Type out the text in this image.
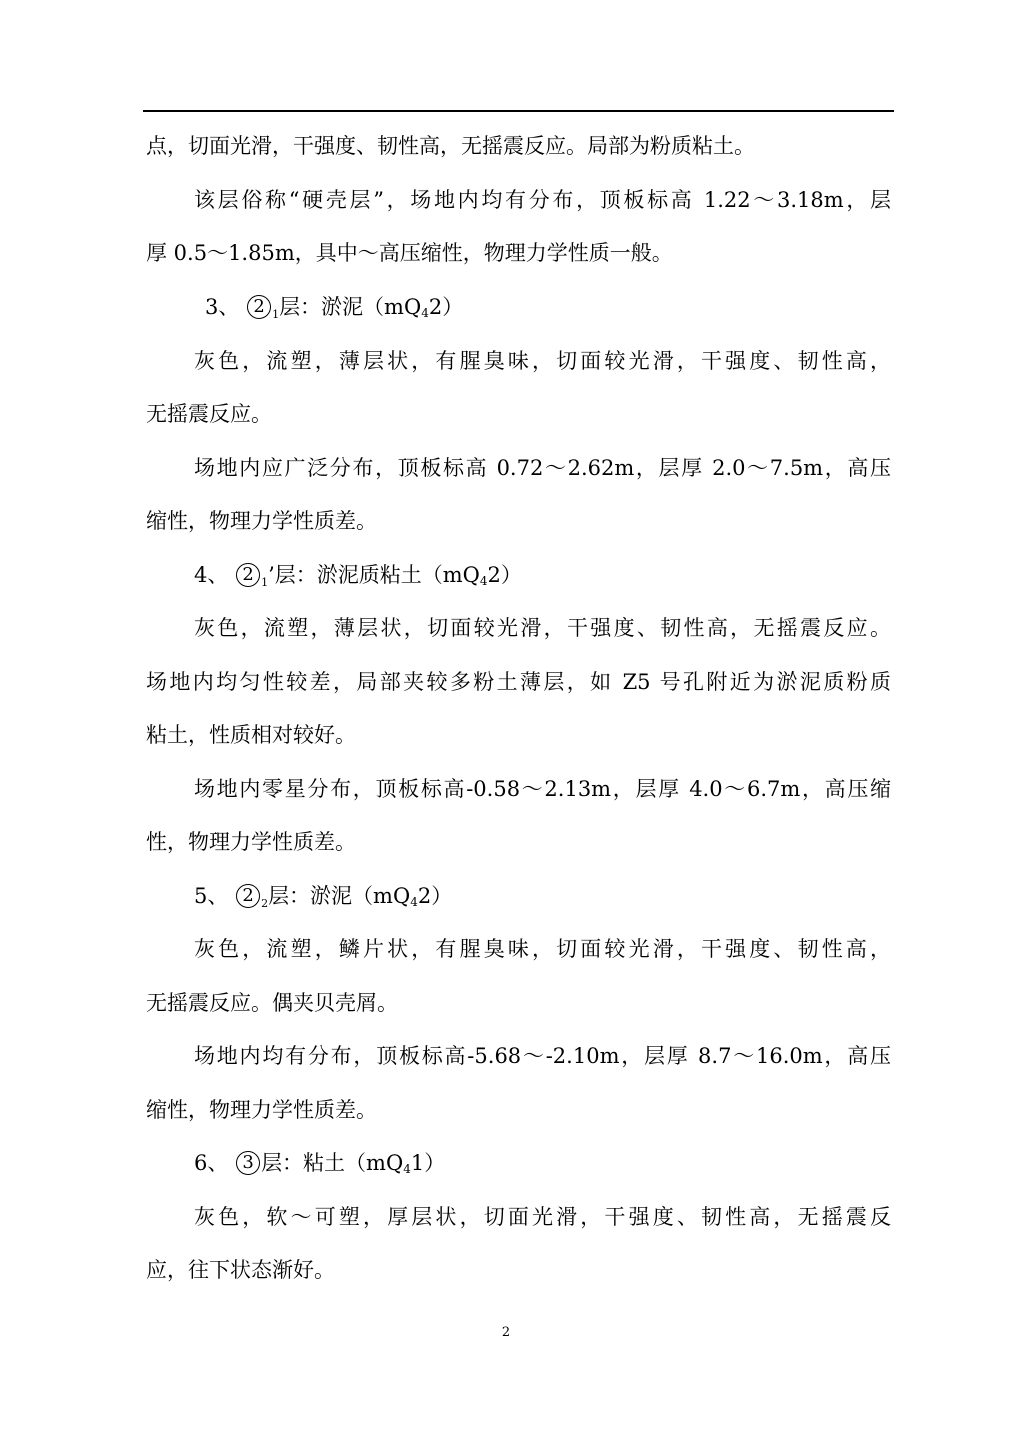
点，切面光滑，干强度、韧性高，无摇震反应。局部为粉质粘土。
该层俗称“硬壳层”，场地内均有分布，顶板标高 1.22～3.18m，层
厚 0.5～1.85m，具中～高压缩性，物理力学性质一般。
3、 2 $_1$层：淤泥（mQ42）
灰色，流塑，薄层状，有腥臭味，切面较光滑，干强度、韧性高，
无摇震反应。
场地内应广泛分布，顶板标高 0.72～2.62m，层厚 2.0～7.5m，高压
缩性，物理力学性质差。
4、 2 $_1$’层：淤泥质粘土（mQ42）
灰色，流塑，薄层状，切面较光滑，干强度、韧性高，无摇震反应。
场地内均匀性较差，局部夹较多粉土薄层，如 Z5 号孔附近为淤泥质粉质
粘土，性质相对较好。
场地内零星分布，顶板标高-0.58～2.13m，层厚 4.0～6.7m，高压缩
性，物理力学性质差。
5、 2 $_2$层：淤泥（mQ42）
灰色，流塑，鳞片状，有腥臭味，切面较光滑，干强度、韧性高，
无摇震反应。偶夹贝壳屑。
场地内均有分布，顶板标高-5.68～-2.10m，层厚 8.7～16.0m，高压
缩性，物理力学性质差。
6、 3 层：粘土（mQ41）
灰色，软～可塑，厚层状，切面光滑，干强度、韧性高，无摇震反
应，往下状态渐好。
2
